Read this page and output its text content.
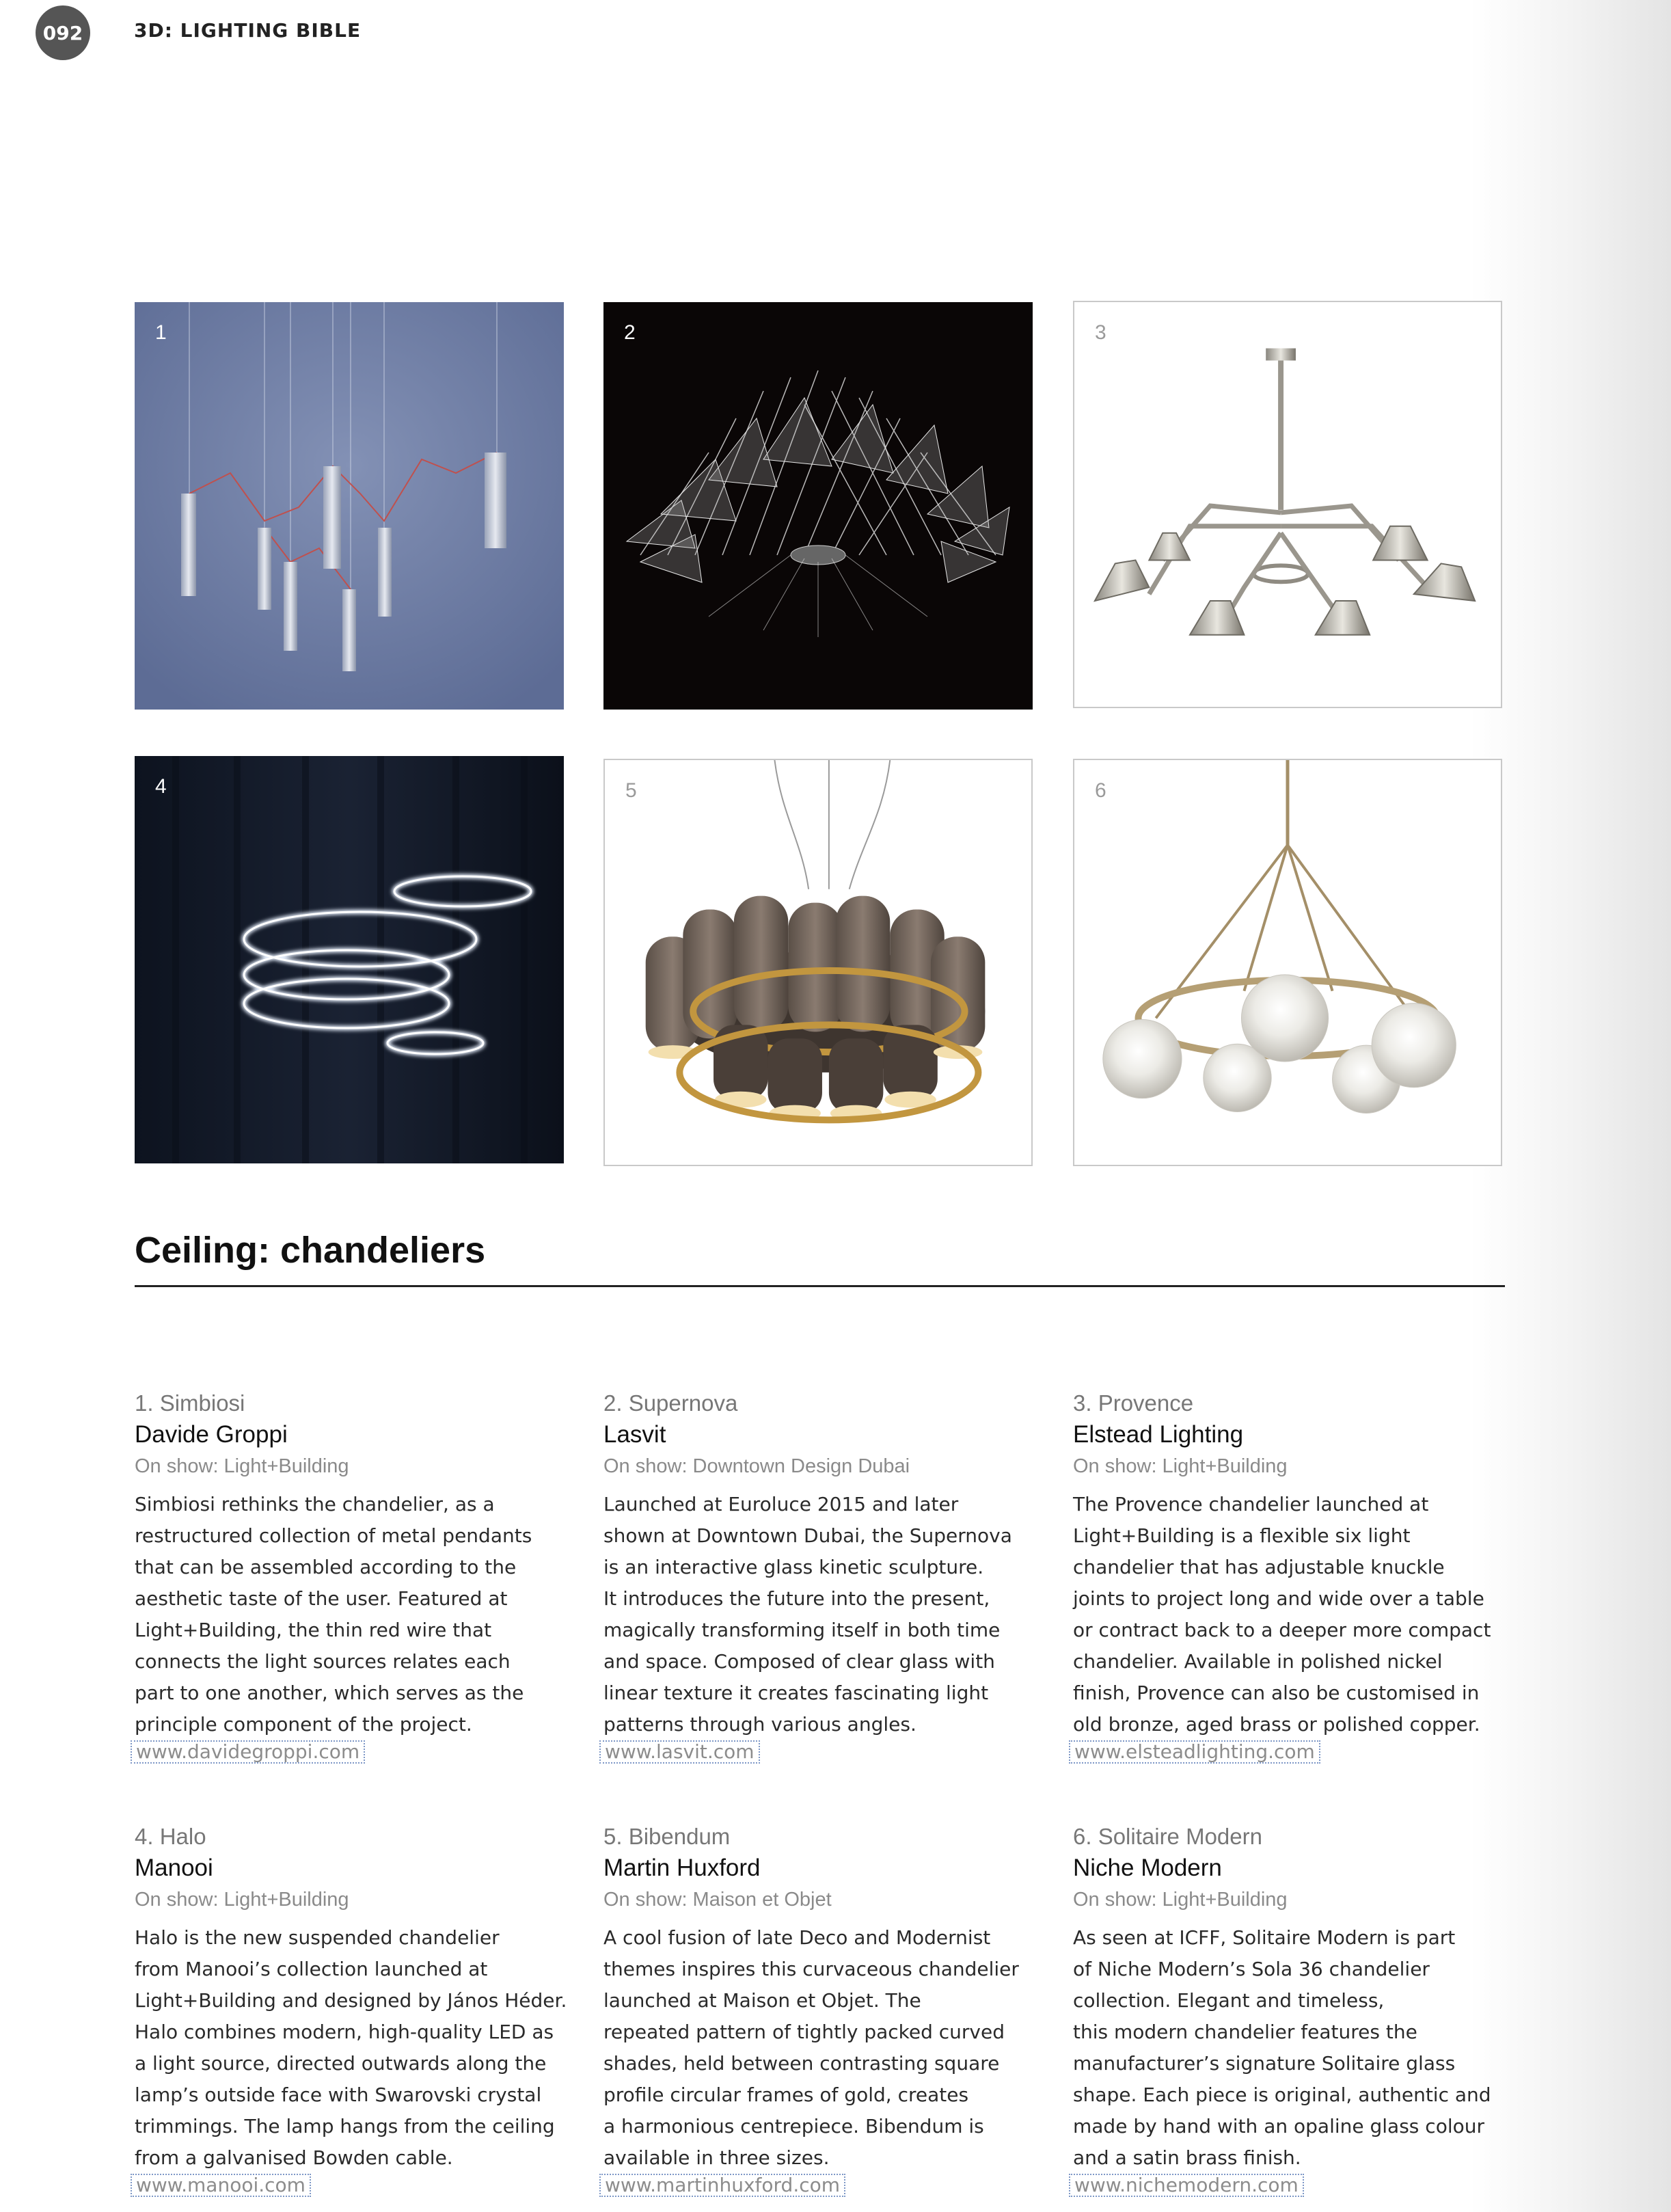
092	3D: LIGHTING BIBLE
1	2	3
4	5	6
Ceiling: chandeliers
1. Simbiosi
Davide Groppi
On show: Light+Building
Simbiosi rethinks the chandelier, as a
restructured collection of metal pendants
that can be assembled according to the
aesthetic taste of the user. Featured at
Light+Building, the thin red wire that
connects the light sources relates each
part to one another, which serves as the
principle component of the project.
www.davidegroppi.com
2. Supernova
Lasvit
On show: Downtown Design Dubai
Launched at Euroluce 2015 and later
shown at Downtown Dubai, the Supernova
is an interactive glass kinetic sculpture.
It introduces the future into the present,
magically transforming itself in both time
and space. Composed of clear glass with
linear texture it creates fascinating light
patterns through various angles.
www.lasvit.com
3. Provence
Elstead Lighting
On show: Light+Building
The Provence chandelier launched at
Light+Building is a flexible six light
chandelier that has adjustable knuckle
joints to project long and wide over a table
or contract back to a deeper more compact
chandelier. Available in polished nickel
finish, Provence can also be customised in
old bronze, aged brass or polished copper.
www.elsteadlighting.com
4. Halo
Manooi
On show: Light+Building
Halo is the new suspended chandelier
from Manooi’s collection launched at
Light+Building and designed by János Héder.
Halo combines modern, high-quality LED as
a light source, directed outwards along the
lamp’s outside face with Swarovski crystal
trimmings. The lamp hangs from the ceiling
from a galvanised Bowden cable.
www.manooi.com
5. Bibendum
Martin Huxford
On show: Maison et Objet
A cool fusion of late Deco and Modernist
themes inspires this curvaceous chandelier
launched at Maison et Objet. The
repeated pattern of tightly packed curved
shades, held between contrasting square
profile circular frames of gold, creates
a harmonious centrepiece. Bibendum is
available in three sizes.
www.martinhuxford.com
6. Solitaire Modern
Niche Modern
On show: Light+Building
As seen at ICFF, Solitaire Modern is part
of Niche Modern’s Sola 36 chandelier
collection. Elegant and timeless,
this modern chandelier features the
manufacturer’s signature Solitaire glass
shape. Each piece is original, authentic and
made by hand with an opaline glass colour
and a satin brass finish.
www.nichemodern.com
